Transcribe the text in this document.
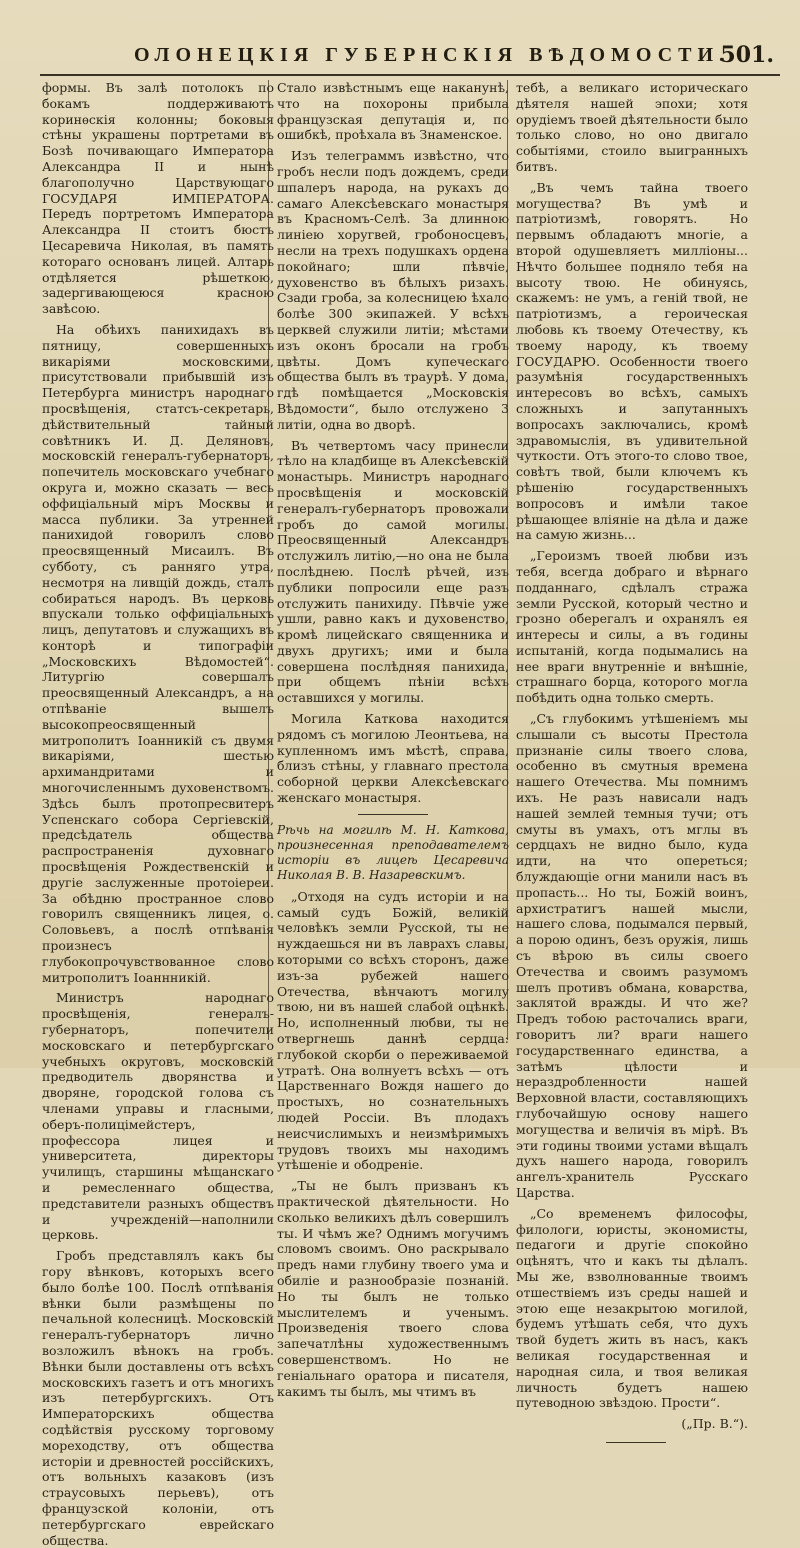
ОЛОНЕЦКІЯ ГУБЕРНСКІЯ ВѢДОМОСТИ.
501.

формы. Въ залѣ потолокъ по бокамъ поддерживаютъ коринѳскія колонны; боковыя стѣны украшены портретами въ Бозѣ почивающаго Императора Александра II и нынѣ благополучно Царствующаго ГОСУДАРЯ ИМПЕРАТОРА. Передъ портретомъ Императора Александра II стоитъ бюстъ Цесаревича Николая, въ память котораго основанъ лицей. Алтарь отдѣляется рѣшеткою, задергивающеюся красною завѣсою.

На обѣихъ панихидахъ въ пятницу, совершенныхъ викаріями московскими, присутствовали прибывшій изъ Петербурга министръ народнаго просвѣщенія, статсъ-секретарь, дѣйствительный тайный совѣтникъ И. Д. Деляновъ, московскій генералъ-губернаторъ, попечитель московскаго учебнаго округа и, можно сказать — весь оффиціальный міръ Москвы и масса публики. За утренней панихидой говорилъ слово преосвященный Мисаилъ. Въ субботу, съ ранняго утра, несмотря на ливщій дождь, сталъ собираться народъ. Въ церковь впускали только оффиціальныхъ лицъ, депутатовъ и служащихъ въ конторѣ и типографіи „Московскихъ Вѣдомостей“. Литургію совершалъ преосвященный Александръ, а на отпѣваніе вышелъ высокопреосвященный митрополитъ Іоанникій съ двумя викаріями, шестью архимандритами и многочисленнымъ духовенствомъ. Здѣсь былъ протопресвитеръ Успенскаго собора Сергіевскій, предсѣдатель общества распространенія духовнаго просвѣщенія Рождественскій и другіе заслуженные протоіереи. За обѣдню пространное слово говорилъ священникъ лицея, о. Соловьевъ, а послѣ отпѣванія произнесъ глубокопрочувствованное слово митрополитъ Іоаннникій.

Министръ народнаго просвѣщенія, генералъ-губернаторъ, попечители московскаго и петербургскаго учебныхъ округовъ, московскій предводитель дворянства и дворяне, городской голова съ членами управы и гласными, оберъ-полицімейстеръ, профессора лицея и университета, директоры училищъ, старшины мѣщанскаго и ремесленнаго общества, представители разныхъ обществъ и учрежденій—наполнили церковь.

Гробъ представлялъ какъ бы гору вѣнковъ, которыхъ всего было болѣе 100. Послѣ отпѣванія вѣнки были размѣщены по печальной колесницѣ. Московскій генералъ-губернаторъ лично возложилъ вѣнокъ на гробъ. Вѣнки были доставлены отъ всѣхъ московскихъ газетъ и отъ многихъ изъ петербургскихъ. Отъ Императорскихъ общества содѣйствія русскому торговому мореходству, отъ общества исторіи и древностей россійскихъ, отъ вольныхъ казаковъ (изъ страусовыхъ перьевъ), отъ французской колоніи, отъ петербургскаго еврейскаго общества.

Стало извѣстнымъ еще наканунѣ, что на похороны прибыла французская депутація и, по ошибкѣ, проѣхала въ Знаменское.

Изъ телеграммъ извѣстно, что гробъ несли подъ дождемъ, среди шпалеръ народа, на рукахъ до самаго Алексѣевскаго монастыря въ Красномъ-Селѣ. За длинною линіею хоругвей, гробоносцевъ, несли на трехъ подушкахъ ордена покойнаго; шли пѣвчіе, духовенство въ бѣлыхъ ризахъ. Сзади гроба, за колесницею ѣхало болѣе 300 экипажей. У всѣхъ церквей служили литіи; мѣстами изъ оконъ бросали на гробъ цвѣты. Домъ купеческаго общества былъ въ траурѣ. У дома, гдѣ помѣщается „Московскія Вѣдомости“, было отслужено 3 литіи, одна во дворѣ.

Въ четвертомъ часу принесли тѣло на кладбище въ Алексѣевскій монастырь. Министръ народнаго просвѣщенія и московскій генералъ-губернаторъ провожали гробъ до самой могилы. Преосвященный Александръ отслужилъ литію,—но она не была послѣднею. Послѣ рѣчей, изъ публики попросили еще разъ отслужить панихиду. Пѣвчіе уже ушли, равно какъ и духовенство, кромѣ лицейскаго священника и двухъ другихъ; ими и была совершена послѣдняя панихида, при общемъ пѣніи всѣхъ оставшихся у могилы.

Могила Каткова находится рядомъ съ могилою Леонтьева, на купленномъ имъ мѣстѣ, справа, близъ стѣны, у главнаго престола соборной церкви Алексѣевскаго женскаго монастыря.

Рѣчь на могилѣ М. Н. Каткова, произнесенная преподавателемъ исторіи въ лицеѣ Цесаревича Николая В. В. Назаревскимъ.

„Отходя на судъ исторіи и на самый судъ Божій, великій человѣкъ земли Русской, ты не нуждаешься ни въ лаврахъ славы, которыми со всѣхъ сторонъ, даже изъ-за рубежей нашего Отечества, вѣнчаютъ могилу твою, ни въ нашей слабой оцѣнкѣ. Но, исполненный любви, ты не отвергнешь даннѣ сердца: глубокой скорби о переживаемой утратѣ. Она волнуетъ всѣхъ — отъ Царственнаго Вождя нашего до простыхъ, но сознательныхъ людей Россіи. Въ плодахъ неисчислимыхъ и неизмѣримыхъ трудовъ твоихъ мы находимъ утѣшеніе и ободреніе.

„Ты не былъ призванъ къ практической дѣятельности. Но сколько великихъ дѣлъ совершилъ ты. И чѣмъ же? Однимъ могучимъ словомъ своимъ. Оно раскрывало предъ нами глубину твоего ума и обиліе и разнообразіе познаній. Но ты былъ не только мыслителемъ и ученымъ. Произведенія твоего слова запечатлѣны художественнымъ совершенствомъ. Но не геніальнаго оратора и писателя, какимъ ты былъ, мы чтимъ въ

тебѣ, а великаго историческаго дѣятеля нашей эпохи; хотя орудіемъ твоей дѣятельности было только слово, но оно двигало событіями, стоило выигранныхъ битвъ.

„Въ чемъ тайна твоего могущества? Въ умѣ и патріотизмѣ, говорятъ. Но первымъ обладаютъ многіе, а второй одушевляетъ милліоны... Нѣчто большее подняло тебя на высоту твою. Не обинуясь, скажемъ: не умъ, а геній твой, не патріотизмъ, а героическая любовь къ твоему Отечеству, къ твоему народу, къ твоему ГОСУДАРЮ. Особенности твоего разумѣнія государственныхъ интересовъ во всѣхъ, самыхъ сложныхъ и запутанныхъ вопросахъ заключались, кромѣ здравомыслія, въ удивительной чуткости. Отъ этого-то слово твое, совѣтъ твой, были ключемъ къ рѣшенію государственныхъ вопросовъ и имѣли такое рѣшающее вліяніе на дѣла и даже на самую жизнь...

„Героизмъ твоей любви изъ тебя, всегда добраго и вѣрнаго подданнаго, сдѣлалъ стража земли Русской, который честно и грозно оберегалъ и охранялъ ея интересы и силы, а въ годины испытаній, когда подымались на нее враги внутренніе и внѣшніе, страшнаго борца, которого могла побѣдить одна только смерть.

„Съ глубокимъ утѣшеніемъ мы слышали съ высоты Престола признаніе силы твоего слова, особенно въ смутныя времена нашего Отечества. Мы помнимъ ихъ. Не разъ нависали надъ нашей землей темныя тучи; отъ смуты въ умахъ, отъ мглы въ сердцахъ не видно было, куда идти, на что опереться; блуждающіе огни манили насъ въ пропасть... Но ты, Божій воинъ, архистратигъ нашей мысли, нашего слова, подымался первый, а порою одинъ, безъ оружія, лишь съ вѣрою въ силы своего Отечества и своимъ разумомъ шелъ противъ обмана, коварства, заклятой вражды. И что же? Предъ тобою расточались враги, говоритъ ли? враги нашего государственнаго единства, а затѣмъ цѣлости и нераздробленности нашей Верховной власти, составляющихъ глубочайшую основу нашего могущества и величія въ мірѣ. Въ эти годины твоими устами вѣщалъ духъ нашего народа, говорилъ ангелъ-хранитель Русскаго Царства.

„Со временемъ философы, филологи, юристы, экономисты, педагоги и другіе спокойно оцѣнятъ, что и какъ ты дѣлалъ. Мы же, взволнованные твоимъ отшествіемъ изъ среды нашей и этою еще незакрытою могилой, будемъ утѣшать себя, что духъ твой будетъ жить въ насъ, какъ великая государственная и народная сила, и твоя великая личность будетъ нашею путеводною звѣздою. Прости“.

(„Пр. В.“).
